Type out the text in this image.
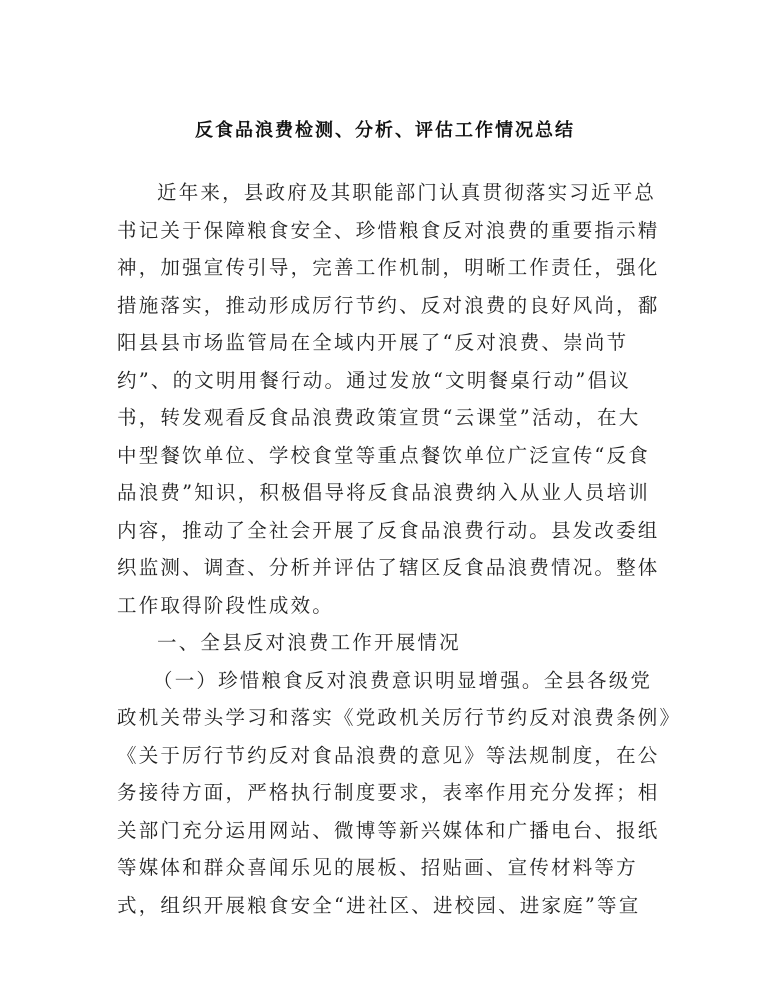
反食品浪费检测、分析、评估工作情况总结
近年来，县政府及其职能部门认真贯彻落实习近平总
书记关于保障粮食安全、珍惜粮食反对浪费的重要指示精
神，加强宣传引导，完善工作机制，明晰工作责任，强化
措施落实，推动形成厉行节约、反对浪费的良好风尚，鄱
阳县县市场监管局在全域内开展了“反对浪费、崇尚节
约”、的文明用餐行动。通过发放“文明餐桌行动”倡议
书，转发观看反食品浪费政策宣贯“云课堂”活动，在大
中型餐饮单位、学校食堂等重点餐饮单位广泛宣传“反食
品浪费”知识，积极倡导将反食品浪费纳入从业人员培训
内容，推动了全社会开展了反食品浪费行动。县发改委组
织监测、调查、分析并评估了辖区反食品浪费情况。整体
工作取得阶段性成效。
一、全县反对浪费工作开展情况
（一）珍惜粮食反对浪费意识明显增强。全县各级党
政机关带头学习和落实《党政机关厉行节约反对浪费条例》
《关于厉行节约反对食品浪费的意见》等法规制度，在公
务接待方面，严格执行制度要求，表率作用充分发挥；相
关部门充分运用网站、微博等新兴媒体和广播电台、报纸
等媒体和群众喜闻乐见的展板、招贴画、宣传材料等方
式，组织开展粮食安全“进社区、进校园、进家庭”等宣
